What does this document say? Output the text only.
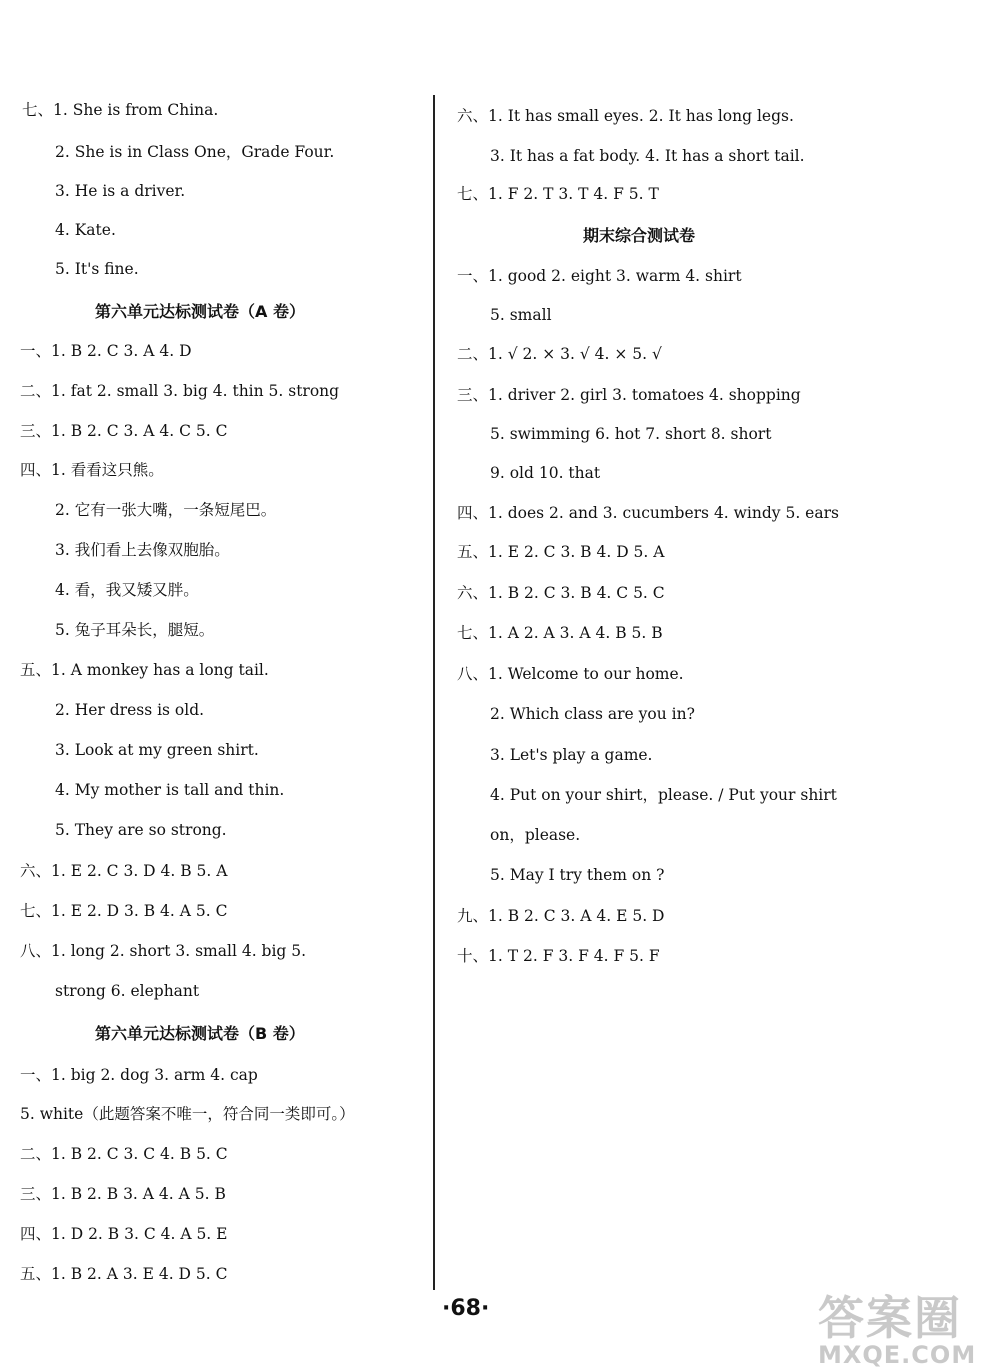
七、1. She is from China.
2. She is in Class One，Grade Four.
3. He is a driver.
4. Kate.
5. It's fine.
第六单元达标测试卷（A 卷）
一、1. B 2. C 3. A 4. D
二、1. fat 2. small 3. big 4. thin 5. strong
三、1. B 2. C 3. A 4. C 5. C
四、1. 看看这只熊。
2. 它有一张大嘴，一条短尾巴。
3. 我们看上去像双胞胎。
4. 看，我又矮又胖。
5. 兔子耳朵长，腿短。
五、1. A monkey has a long tail.
2. Her dress is old.
3. Look at my green shirt.
4. My mother is tall and thin.
5. They are so strong.
六、1. E 2. C 3. D 4. B 5. A
七、1. E 2. D 3. B 4. A 5. C
八、1. long 2. short 3. small 4. big 5.
strong 6. elephant
第六单元达标测试卷（B 卷）
一、1. big 2. dog 3. arm 4. cap
5. white（此题答案不唯一，符合同一类即可。）
二、1. B 2. C 3. C 4. B 5. C
三、1. B 2. B 3. A 4. A 5. B
四、1. D 2. B 3. C 4. A 5. E
五、1. B 2. A 3. E 4. D 5. C
六、1. It has small eyes. 2. It has long legs.
3. It has a fat body. 4. It has a short tail.
七、1. F 2. T 3. T 4. F 5. T
期末综合测试卷
一、1. good 2. eight 3. warm 4. shirt
5. small
二、1. √ 2. × 3. √ 4. × 5. √
三、1. driver 2. girl 3. tomatoes 4. shopping
5. swimming 6. hot 7. short 8. short
9. old 10. that
四、1. does 2. and 3. cucumbers 4. windy 5. ears
五、1. E 2. C 3. B 4. D 5. A
六、1. B 2. C 3. B 4. C 5. C
七、1. A 2. A 3. A 4. B 5. B
八、1. Welcome to our home.
2. Which class are you in?
3. Let's play a game.
4. Put on your shirt，please. / Put your shirt
on，please.
5. May I try them on ?
九、1. B 2. C 3. A 4. E 5. D
十、1. T 2. F 3. F 4. F 5. F
·68·	答案圈
MXQE.COM
